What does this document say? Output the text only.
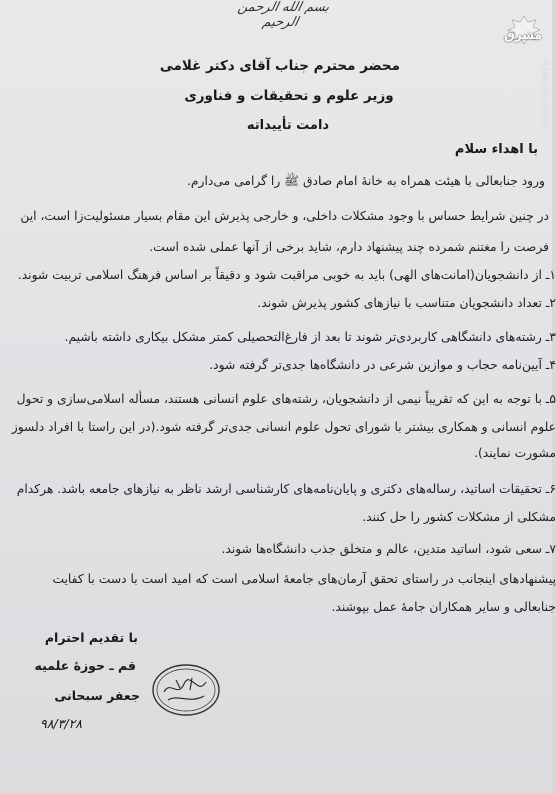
بسم الله الرحمن الرحیم
مشرق
mashreghnews.ir
محضر محترم جناب آقای دکتر غلامی
وزیر علوم و تحقیقات و فناوری
دامت تأییداته
با اهداء سلام
ورود جنابعالی با هیئت همراه به خانهٔ امام صادق ﷺ را گرامی می‌دارم.
در چنین شرایط حساس با وجود مشکلات داخلی، و خارجی پذیرش این مقام بسیار مسئولیت‌زا است، این
فرصت را مغتنم شمرده چند پیشنهاد دارم، شاید برخی از آنها عملی شده است.
۱ـ از دانشجویان(امانت‌های الهی) باید به خوبی مراقبت شود و دقیقاً بر اساس فرهنگ اسلامی تربیت شوند.
۲ـ تعداد دانشجویان متناسب با نیازهای کشور پذیرش شوند.
۳ـ رشته‌های دانشگاهی کاربردی‌تر شوند تا بعد از فارغ‌التحصیلی کمتر مشکل بیکاری داشته باشیم.
۴ـ آیین‌نامه حجاب و موازین شرعی در دانشگاه‌ها جدی‌تر گرفته شود.
۵ـ با توجه به این که تقریباً نیمی از دانشجویان، رشته‌های علوم انسانی هستند، مسأله اسلامی‌سازی و تحول
علوم انسانی و همکاری بیشتر با شورای تحول علوم انسانی جدی‌تر گرفته شود.(در این راستا با افراد دلسوز
مشورت نمایند).
۶ـ تحقیقات اساتید، رساله‌های دکتری و پایان‌نامه‌های کارشناسی ارشد ناظر به نیازهای جامعه باشد. هرکدام
مشکلی از مشکلات کشور را حل کنند.
۷ـ سعی شود، اساتید متدین، عالم و متخلق جذب دانشگاه‌ها شوند.
پیشنهادهای اینجانب در راستای تحقق آرمان‌های جامعهٔ اسلامی است که امید است با دست با کفایت
جنابعالی و سایر همکاران جامهٔ عمل بپوشند.
با تقدیم احترام
قم ـ حوزهٔ علمیه
جعفر سبحانی
۹۸/۳/۲۸
